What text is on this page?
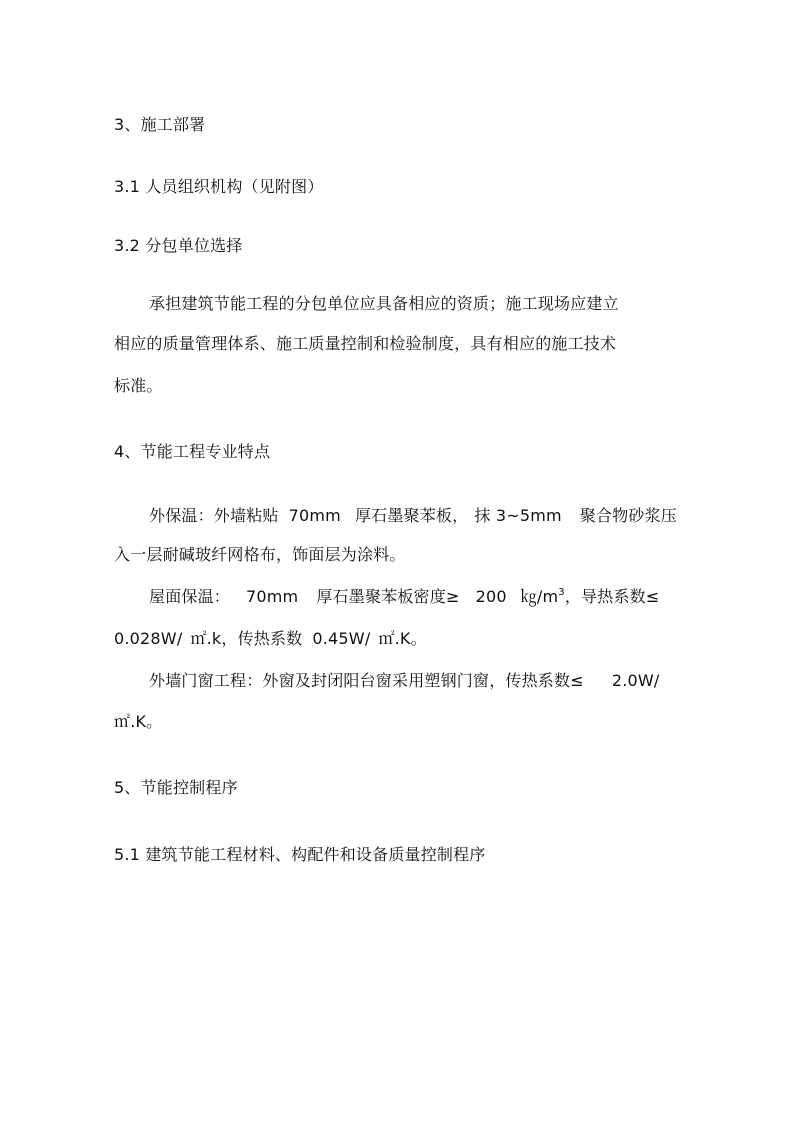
3、施工部署
3.1 人员组织机构（见附图）
3.2 分包单位选择
承担建筑节能工程的分包单位应具备相应的资质；施工现场应建立
相应的质量管理体系、施工质量控制和检验制度，具有相应的施工技术
标准。
4、节能工程专业特点
外保温：外墙粘贴 70mm 厚石墨聚苯板， 抹 3~5mm 聚合物砂浆压
入一层耐碱玻纤网格布，饰面层为涂料。
屋面保温： 70mm 厚石墨聚苯板密度≥ 200 $㎏/m^3$，导热系数≤
0.028W/ ㎡.k，传热系数 0.45W/ ㎡.K。
外墙门窗工程：外窗及封闭阳台窗采用塑钢门窗，传热系数≤ 2.0W/
㎡.K。
5、节能控制程序
5.1 建筑节能工程材料、构配件和设备质量控制程序
